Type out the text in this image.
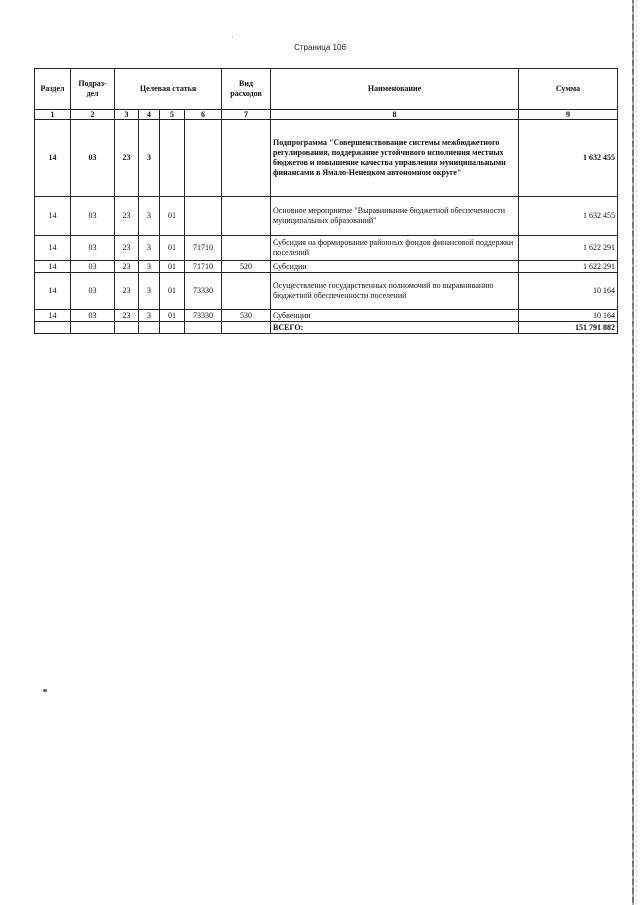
Страница 106
Раздел	Подраз-дел	Целевая статья				Вид расходов	Наименование	Сумма
1	2	3	4	5	6	7	8	9
14	03	23	3				Подпрограмма "Совершенствование системы межбюджетного регулирования, поддержание устойчивого исполнения местных бюджетов и повышение качества управления муниципальными финансами в Ямало-Ненецком автономном округе"	1 632 455
14	03	23	3	01			Основное мероприятие "Выравнивание бюджетной обеспеченности муниципальных образований"	1 632 455
14	03	23	3	01	71710		Субсидия на формирование районных фондов финансовой поддержки поселений	1 622 291
14	03	23	3	01	71710	520	Субсидии	1 622 291
14	03	23	3	01	73330		Осуществление государственных полномочий по выравниванию бюджетной обеспеченности поселений	10 164
14	03	23	3	01	73330	530	Субвенции	10 164
							ВСЕГО:	151 791 882
